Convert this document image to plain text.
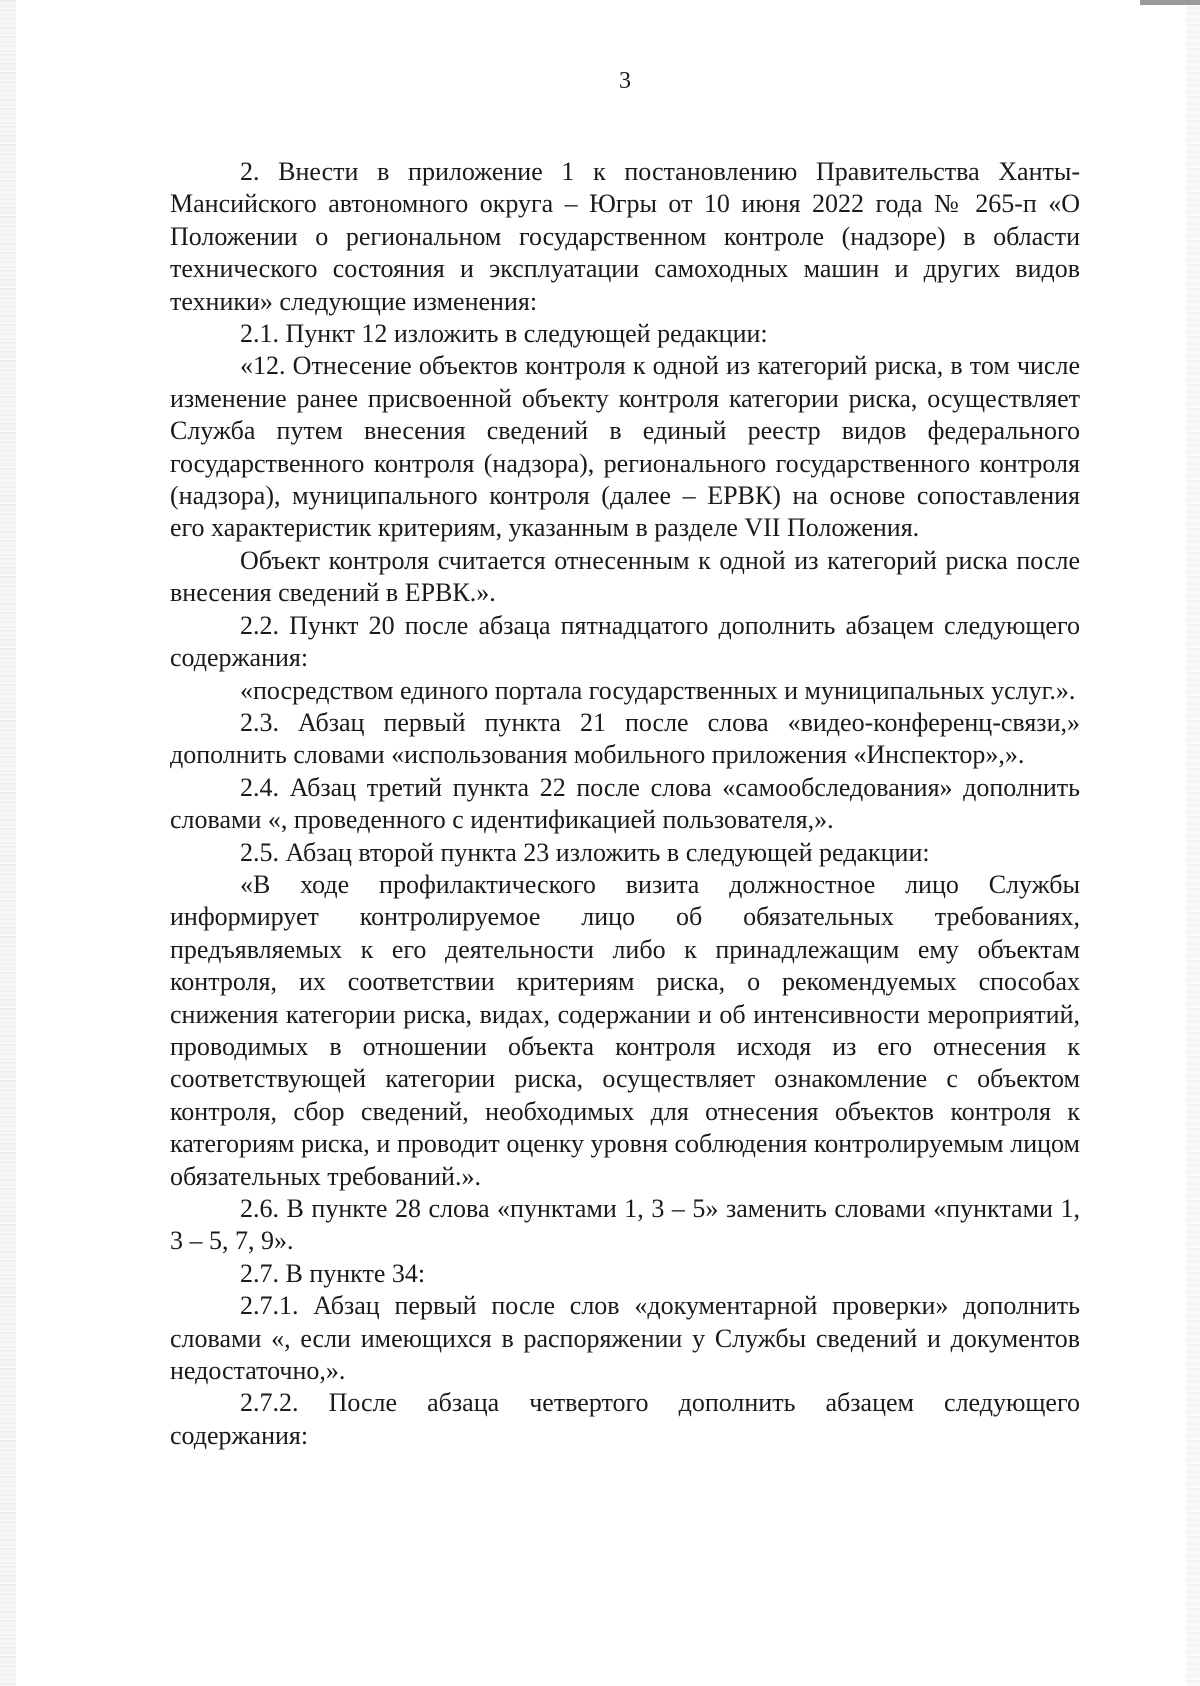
3

2. Внести в приложение 1 к постановлению Правительства Ханты-Мансийского автономного округа – Югры от 10 июня 2022 года № 265-п «О Положении о региональном государственном контроле (надзоре) в области технического состояния и эксплуатации самоходных машин и других видов техники» следующие изменения:

2.1. Пункт 12 изложить в следующей редакции:

«12. Отнесение объектов контроля к одной из категорий риска, в том числе изменение ранее присвоенной объекту контроля категории риска, осуществляет Служба путем внесения сведений в единый реестр видов федерального государственного контроля (надзора), регионального государственного контроля (надзора), муниципального контроля (далее – ЕРВК) на основе сопоставления его характеристик критериям, указанным в разделе VII Положения.

Объект контроля считается отнесенным к одной из категорий риска после внесения сведений в ЕРВК.».

2.2. Пункт 20 после абзаца пятнадцатого дополнить абзацем следующего содержания:

«посредством единого портала государственных и муниципальных услуг.».

2.3. Абзац первый пункта 21 после слова «видео-конференц-связи,» дополнить словами «использования мобильного приложения «Инспектор»,».

2.4. Абзац третий пункта 22 после слова «самообследования» дополнить словами «, проведенного с идентификацией пользователя,».

2.5. Абзац второй пункта 23 изложить в следующей редакции:

«В ходе профилактического визита должностное лицо Службы информирует контролируемое лицо об обязательных требованиях, предъявляемых к его деятельности либо к принадлежащим ему объектам контроля, их соответствии критериям риска, о рекомендуемых способах снижения категории риска, видах, содержании и об интенсивности мероприятий, проводимых в отношении объекта контроля исходя из его отнесения к соответствующей категории риска, осуществляет ознакомление с объектом контроля, сбор сведений, необходимых для отнесения объектов контроля к категориям риска, и проводит оценку уровня соблюдения контролируемым лицом обязательных требований.».

2.6. В пункте 28 слова «пунктами 1, 3 – 5» заменить словами «пунктами 1, 3 – 5, 7, 9».

2.7. В пункте 34:

2.7.1. Абзац первый после слов «документарной проверки» дополнить словами «, если имеющихся в распоряжении у Службы сведений и документов недостаточно,».

2.7.2. После абзаца четвертого дополнить абзацем следующего содержания:
